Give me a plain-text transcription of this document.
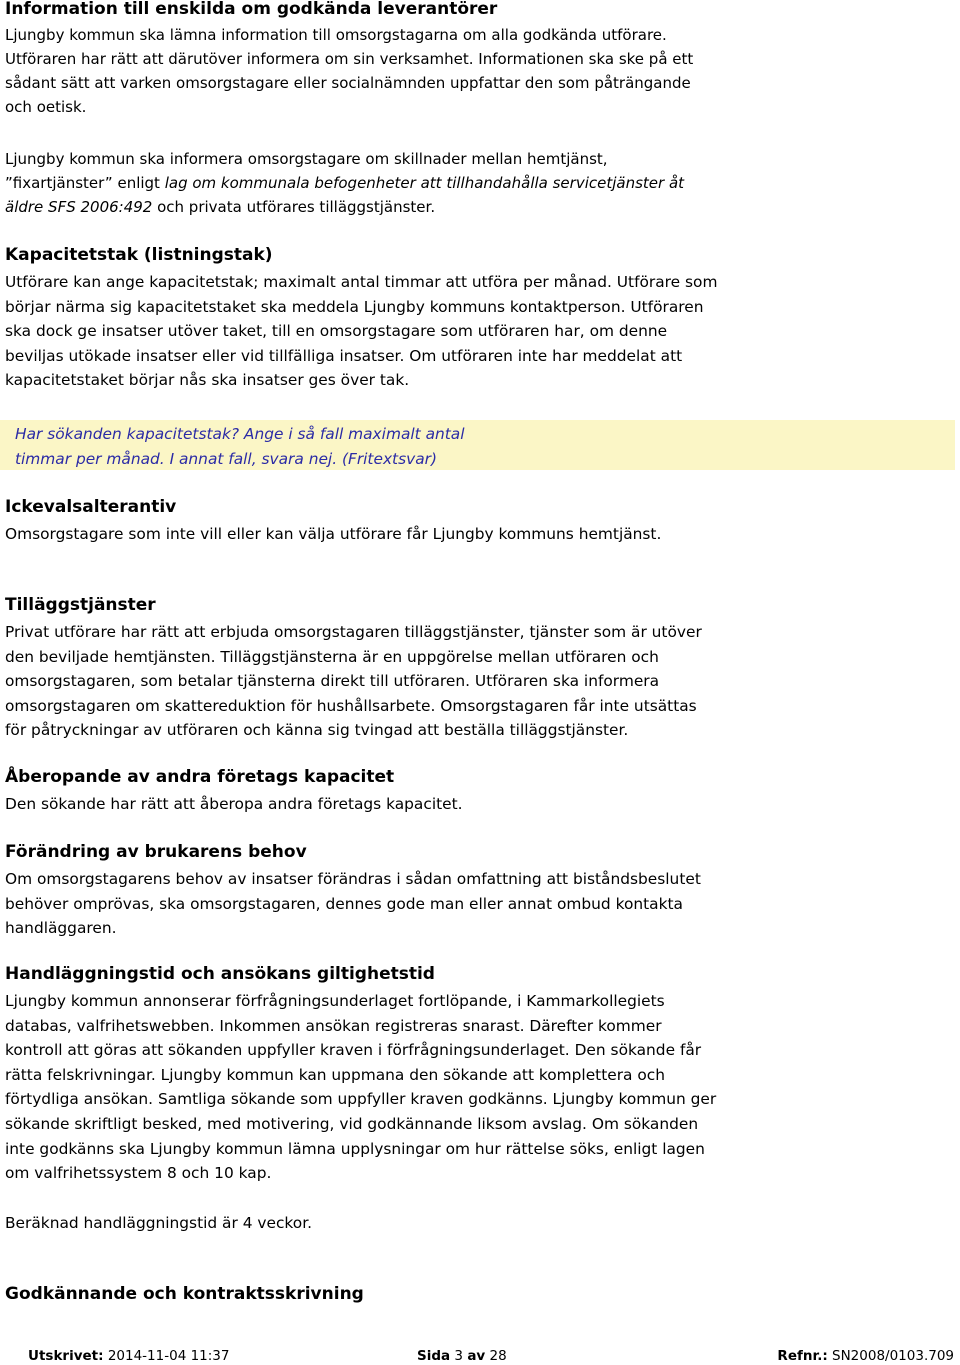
Information till enskilda om godkända leverantörer

Ljungby kommun ska lämna information till omsorgstagarna om alla godkända utförare.

Utföraren har rätt att därutöver informera om sin verksamhet. Informationen ska ske på ett

sådant sätt att varken omsorgstagare eller socialnämnden uppfattar den som påträngande

och oetisk.

Ljungby kommun ska informera omsorgstagare om skillnader mellan hemtjänst,

”fixartjänster” enligt lag om kommunala befogenheter att tillhandahålla servicetjänster åt

äldre SFS 2006:492 och privata utförares tilläggstjänster.

Kapacitetstak (listningstak)

Utförare kan ange kapacitetstak; maximalt antal timmar att utföra per månad. Utförare som

börjar närma sig kapacitetstaket ska meddela Ljungby kommuns kontaktperson. Utföraren

ska dock ge insatser utöver taket, till en omsorgstagare som utföraren har, om denne

beviljas utökade insatser eller vid tillfälliga insatser. Om utföraren inte har meddelat att

kapacitetstaket börjar nås ska insatser ges över tak.

Har sökanden kapacitetstak? Ange i så fall maximalt antal

timmar per månad. I annat fall, svara nej. (Fritextsvar)

Ickevalsalterantiv

Omsorgstagare som inte vill eller kan välja utförare får Ljungby kommuns hemtjänst.

Tilläggstjänster

Privat utförare har rätt att erbjuda omsorgstagaren tilläggstjänster, tjänster som är utöver

den beviljade hemtjänsten. Tilläggstjänsterna är en uppgörelse mellan utföraren och

omsorgstagaren, som betalar tjänsterna direkt till utföraren. Utföraren ska informera

omsorgstagaren om skattereduktion för hushållsarbete. Omsorgstagaren får inte utsättas

för påtryckningar av utföraren och känna sig tvingad att beställa tilläggstjänster.

Åberopande av andra företags kapacitet

Den sökande har rätt att åberopa andra företags kapacitet.

Förändring av brukarens behov

Om omsorgstagarens behov av insatser förändras i sådan omfattning att biståndsbeslutet

behöver omprövas, ska omsorgstagaren, dennes gode man eller annat ombud kontakta

handläggaren.

Handläggningstid och ansökans giltighetstid

Ljungby kommun annonserar förfrågningsunderlaget fortlöpande, i Kammarkollegiets

databas, valfrihetswebben. Inkommen ansökan registreras snarast. Därefter kommer

kontroll att göras att sökanden uppfyller kraven i förfrågningsunderlaget. Den sökande får

rätta felskrivningar. Ljungby kommun kan uppmana den sökande att komplettera och

förtydliga ansökan. Samtliga sökande som uppfyller kraven godkänns. Ljungby kommun ger

sökande skriftligt besked, med motivering, vid godkännande liksom avslag. Om sökanden

inte godkänns ska Ljungby kommun lämna upplysningar om hur rättelse söks, enligt lagen

om valfrihetssystem 8 och 10 kap.

Beräknad handläggningstid är 4 veckor.

Godkännande och kontraktsskrivning
Utskrivet: 2014-11-04 11:37	Sida 3 av 28	Refnr.: SN2008/0103.709
